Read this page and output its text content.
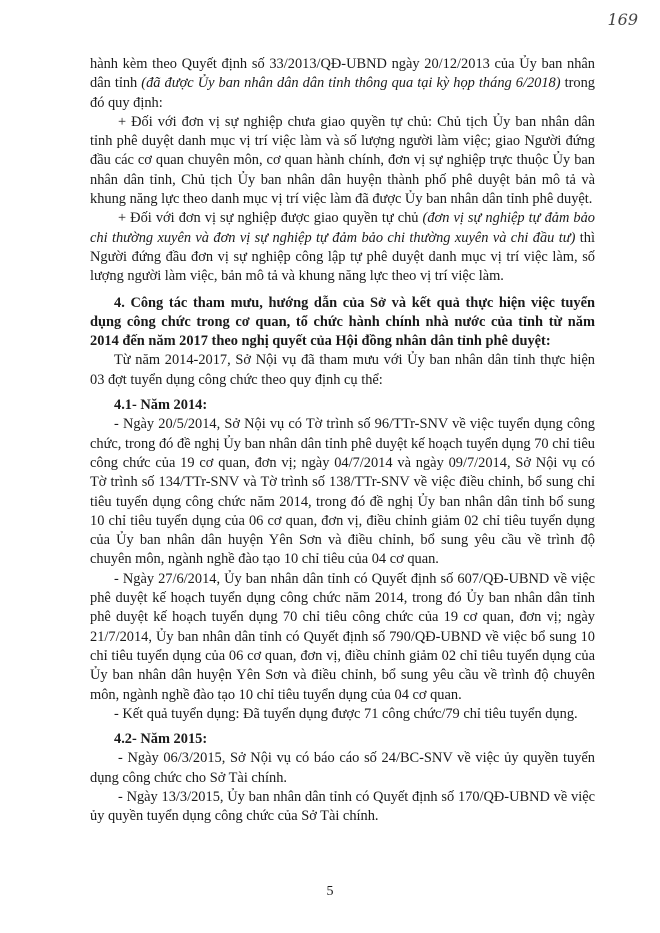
169

hành kèm theo Quyết định số 33/2013/QĐ-UBND ngày 20/12/2013 của Ủy ban nhân dân tỉnh (đã được Ủy ban nhân dân dân tỉnh thông qua tại kỳ họp tháng 6/2018) trong đó quy định:

+ Đối với đơn vị sự nghiệp chưa giao quyền tự chủ: Chủ tịch Ủy ban nhân dân tỉnh phê duyệt danh mục vị trí việc làm và số lượng người làm việc; giao Người đứng đầu các cơ quan chuyên môn, cơ quan hành chính, đơn vị sự nghiệp trực thuộc Ủy ban nhân dân tỉnh, Chủ tịch Ủy ban nhân dân huyện thành phố phê duyệt bản mô tả và khung năng lực theo danh mục vị trí việc làm đã được Ủy ban nhân dân tỉnh phê duyệt.

+ Đối với đơn vị sự nghiệp được giao quyền tự chủ (đơn vị sự nghiệp tự đảm bảo chi thường xuyên và đơn vị sự nghiệp tự đảm bảo chi thường xuyên và chi đầu tư) thì Người đứng đầu đơn vị sự nghiệp công lập tự phê duyệt danh mục vị trí việc làm, số lượng người làm việc, bản mô tả và khung năng lực theo vị trí việc làm.

4. Công tác tham mưu, hướng dẫn của Sở và kết quả thực hiện việc tuyển dụng công chức trong cơ quan, tổ chức hành chính nhà nước của tỉnh từ năm 2014 đến năm 2017 theo nghị quyết của Hội đồng nhân dân tỉnh phê duyệt:

Từ năm 2014-2017, Sở Nội vụ đã tham mưu với Ủy ban nhân dân tỉnh thực hiện 03 đợt tuyển dụng công chức theo quy định cụ thể:

4.1- Năm 2014:

- Ngày 20/5/2014, Sở Nội vụ có Tờ trình số 96/TTr-SNV về việc tuyển dụng công chức, trong đó đề nghị Ủy ban nhân dân tỉnh phê duyệt kế hoạch tuyển dụng 70 chỉ tiêu công chức của 19 cơ quan, đơn vị; ngày 04/7/2014 và ngày 09/7/2014, Sở Nội vụ có Tờ trình số 134/TTr-SNV và Tờ trình số 138/TTr-SNV về việc điều chỉnh, bổ sung chỉ tiêu tuyển dụng công chức năm 2014, trong đó đề nghị Ủy ban nhân dân tỉnh bổ sung 10 chỉ tiêu tuyển dụng của 06 cơ quan, đơn vị, điều chỉnh giảm 02 chỉ tiêu tuyển dụng của Ủy ban nhân dân huyện Yên Sơn và điều chỉnh, bổ sung yêu cầu về trình độ chuyên môn, ngành nghề đào tạo 10 chỉ tiêu của 04 cơ quan.

- Ngày 27/6/2014, Ủy ban nhân dân tỉnh có Quyết định số 607/QĐ-UBND về việc phê duyệt kế hoạch tuyển dụng công chức năm 2014, trong đó Ủy ban nhân dân tỉnh phê duyệt kế hoạch tuyển dụng 70 chỉ tiêu công chức của 19 cơ quan, đơn vị; ngày 21/7/2014, Ủy ban nhân dân tỉnh có Quyết định số 790/QĐ-UBND về việc bổ sung 10 chỉ tiêu tuyển dụng của 06 cơ quan, đơn vị, điều chỉnh giảm 02 chỉ tiêu tuyển dụng của Ủy ban nhân dân huyện Yên Sơn và điều chỉnh, bổ sung yêu cầu về trình độ chuyên môn, ngành nghề đào tạo 10 chỉ tiêu tuyển dụng của 04 cơ quan.

- Kết quả tuyển dụng: Đã tuyển dụng được 71 công chức/79 chỉ tiêu tuyển dụng.

4.2- Năm 2015:

- Ngày 06/3/2015, Sở Nội vụ có báo cáo số 24/BC-SNV về việc ủy quyền tuyển dụng công chức cho Sở Tài chính.

- Ngày 13/3/2015, Ủy ban nhân dân tỉnh có Quyết định số 170/QĐ-UBND về việc ủy quyền tuyển dụng công chức của Sở Tài chính.

5
